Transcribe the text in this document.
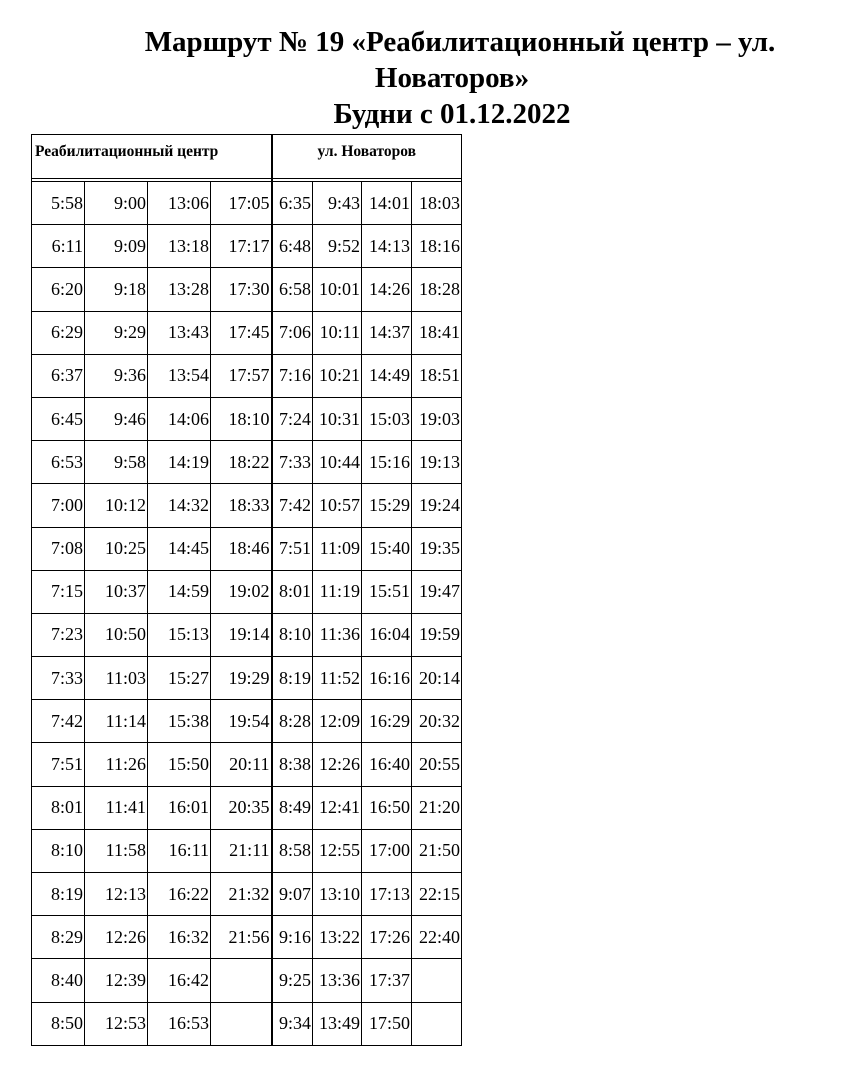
Маршрут № 19 «Реабилитационный центр – ул.
Новаторов»
Будни с 01.12.2022
Реабилитационный центр				ул. Новаторов			

5:58	9:00	13:06	17:05	6:35	9:43	14:01	18:03
6:11	9:09	13:18	17:17	6:48	9:52	14:13	18:16
6:20	9:18	13:28	17:30	6:58	10:01	14:26	18:28
6:29	9:29	13:43	17:45	7:06	10:11	14:37	18:41
6:37	9:36	13:54	17:57	7:16	10:21	14:49	18:51
6:45	9:46	14:06	18:10	7:24	10:31	15:03	19:03
6:53	9:58	14:19	18:22	7:33	10:44	15:16	19:13
7:00	10:12	14:32	18:33	7:42	10:57	15:29	19:24
7:08	10:25	14:45	18:46	7:51	11:09	15:40	19:35
7:15	10:37	14:59	19:02	8:01	11:19	15:51	19:47
7:23	10:50	15:13	19:14	8:10	11:36	16:04	19:59
7:33	11:03	15:27	19:29	8:19	11:52	16:16	20:14
7:42	11:14	15:38	19:54	8:28	12:09	16:29	20:32
7:51	11:26	15:50	20:11	8:38	12:26	16:40	20:55
8:01	11:41	16:01	20:35	8:49	12:41	16:50	21:20
8:10	11:58	16:11	21:11	8:58	12:55	17:00	21:50
8:19	12:13	16:22	21:32	9:07	13:10	17:13	22:15
8:29	12:26	16:32	21:56	9:16	13:22	17:26	22:40
8:40	12:39	16:42		9:25	13:36	17:37	
8:50	12:53	16:53		9:34	13:49	17:50	
